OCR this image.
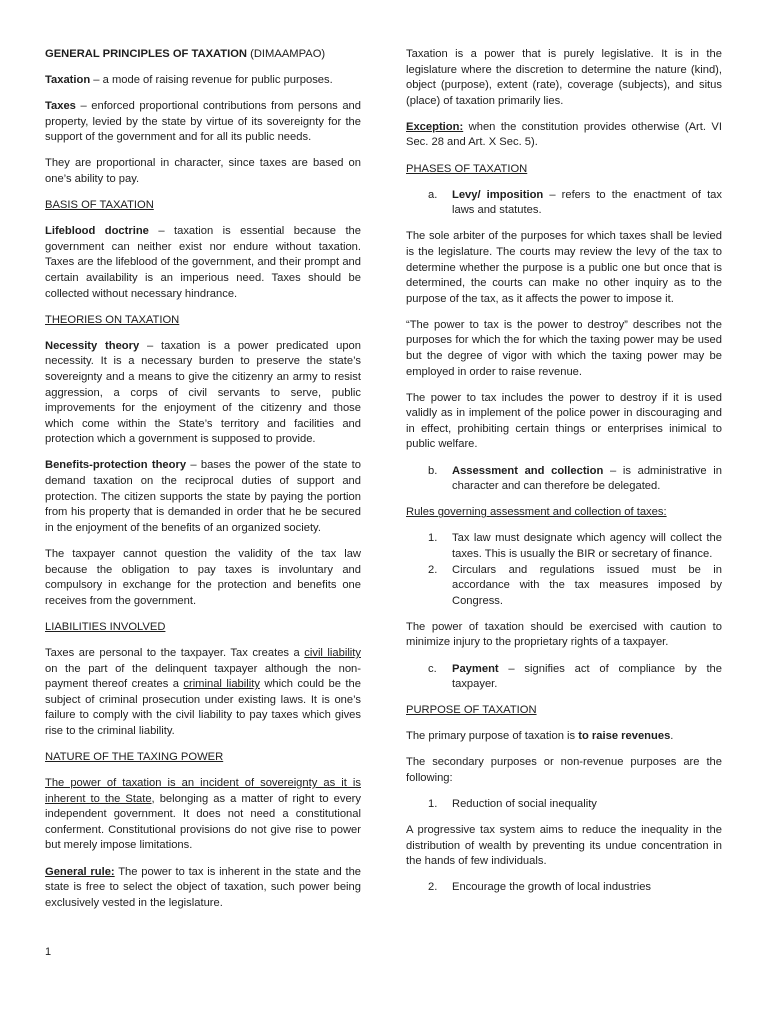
GENERAL PRINCIPLES OF TAXATION (DIMAAMPAO)

Taxation – a mode of raising revenue for public purposes.

Taxes – enforced proportional contributions from persons and property, levied by the state by virtue of its sovereignty for the support of the government and for all its public needs.

They are proportional in character, since taxes are based on one’s ability to pay.

BASIS OF TAXATION

Lifeblood doctrine – taxation is essential because the government can neither exist nor endure without taxation. Taxes are the lifeblood of the government, and their prompt and certain availability is an imperious need. Taxes should be collected without necessary hindrance.

THEORIES ON TAXATION

Necessity theory – taxation is a power predicated upon necessity. It is a necessary burden to preserve the state’s sovereignty and a means to give the citizenry an army to resist aggression, a corps of civil servants to serve, public improvements for the enjoyment of the citizenry and those which come within the State’s territory and facilities and protection which a government is supposed to provide.

Benefits-protection theory – bases the power of the state to demand taxation on the reciprocal duties of support and protection. The citizen supports the state by paying the portion from his property that is demanded in order that he be secured in the enjoyment of the benefits of an organized society.

The taxpayer cannot question the validity of the tax law because the obligation to pay taxes is involuntary and compulsory in exchange for the protection and benefits one receives from the government.

LIABILITIES INVOLVED

Taxes are personal to the taxpayer. Tax creates a civil liability on the part of the delinquent taxpayer although the non-payment thereof creates a criminal liability which could be the subject of criminal prosecution under existing laws. It is one’s failure to comply with the civil liability to pay taxes which gives rise to the criminal liability.

NATURE OF THE TAXING POWER

The power of taxation is an incident of sovereignty as it is inherent to the State, belonging as a matter of right to every independent government. It does not need a constitutional conferment. Constitutional provisions do not give rise to power but merely impose limitations.

General rule: The power to tax is inherent in the state and the state is free to select the object of taxation, such power being exclusively vested in the legislature.

Taxation is a power that is purely legislative. It is in the legislature where the discretion to determine the nature (kind), object (purpose), extent (rate), coverage (subjects), and situs (place) of taxation primarily lies.

Exception: when the constitution provides otherwise (Art. VI Sec. 28 and Art. X Sec. 5).

PHASES OF TAXATION

a.	Levy/ imposition – refers to the enactment of tax laws and statutes.

The sole arbiter of the purposes for which taxes shall be levied is the legislature. The courts may review the levy of the tax to determine whether the purpose is a public one but once that is determined, the courts can make no other inquiry as to the purpose of the tax, as it affects the power to impose it.

“The power to tax is the power to destroy” describes not the purposes for which the for which the taxing power may be used but the degree of vigor with which the taxing power may be employed in order to raise revenue.

The power to tax includes the power to destroy if it is used validly as in implement of the police power in discouraging and in effect, prohibiting certain things or enterprises inimical to public welfare.

b.	Assessment and collection – is administrative in character and can therefore be delegated.

Rules governing assessment and collection of taxes:

1.	Tax law must designate which agency will collect the taxes. This is usually the BIR or secretary of finance.
2.	Circulars and regulations issued must be in accordance with the tax measures imposed by Congress.

The power of taxation should be exercised with caution to minimize injury to the proprietary rights of a taxpayer.

c.	Payment – signifies act of compliance by the taxpayer.

PURPOSE OF TAXATION

The primary purpose of taxation is to raise revenues.

The secondary purposes or non-revenue purposes are the following:

1.	Reduction of social inequality

A progressive tax system aims to reduce the inequality in the distribution of wealth by preventing its undue concentration in the hands of few individuals.

2.	Encourage the growth of local industries
1
